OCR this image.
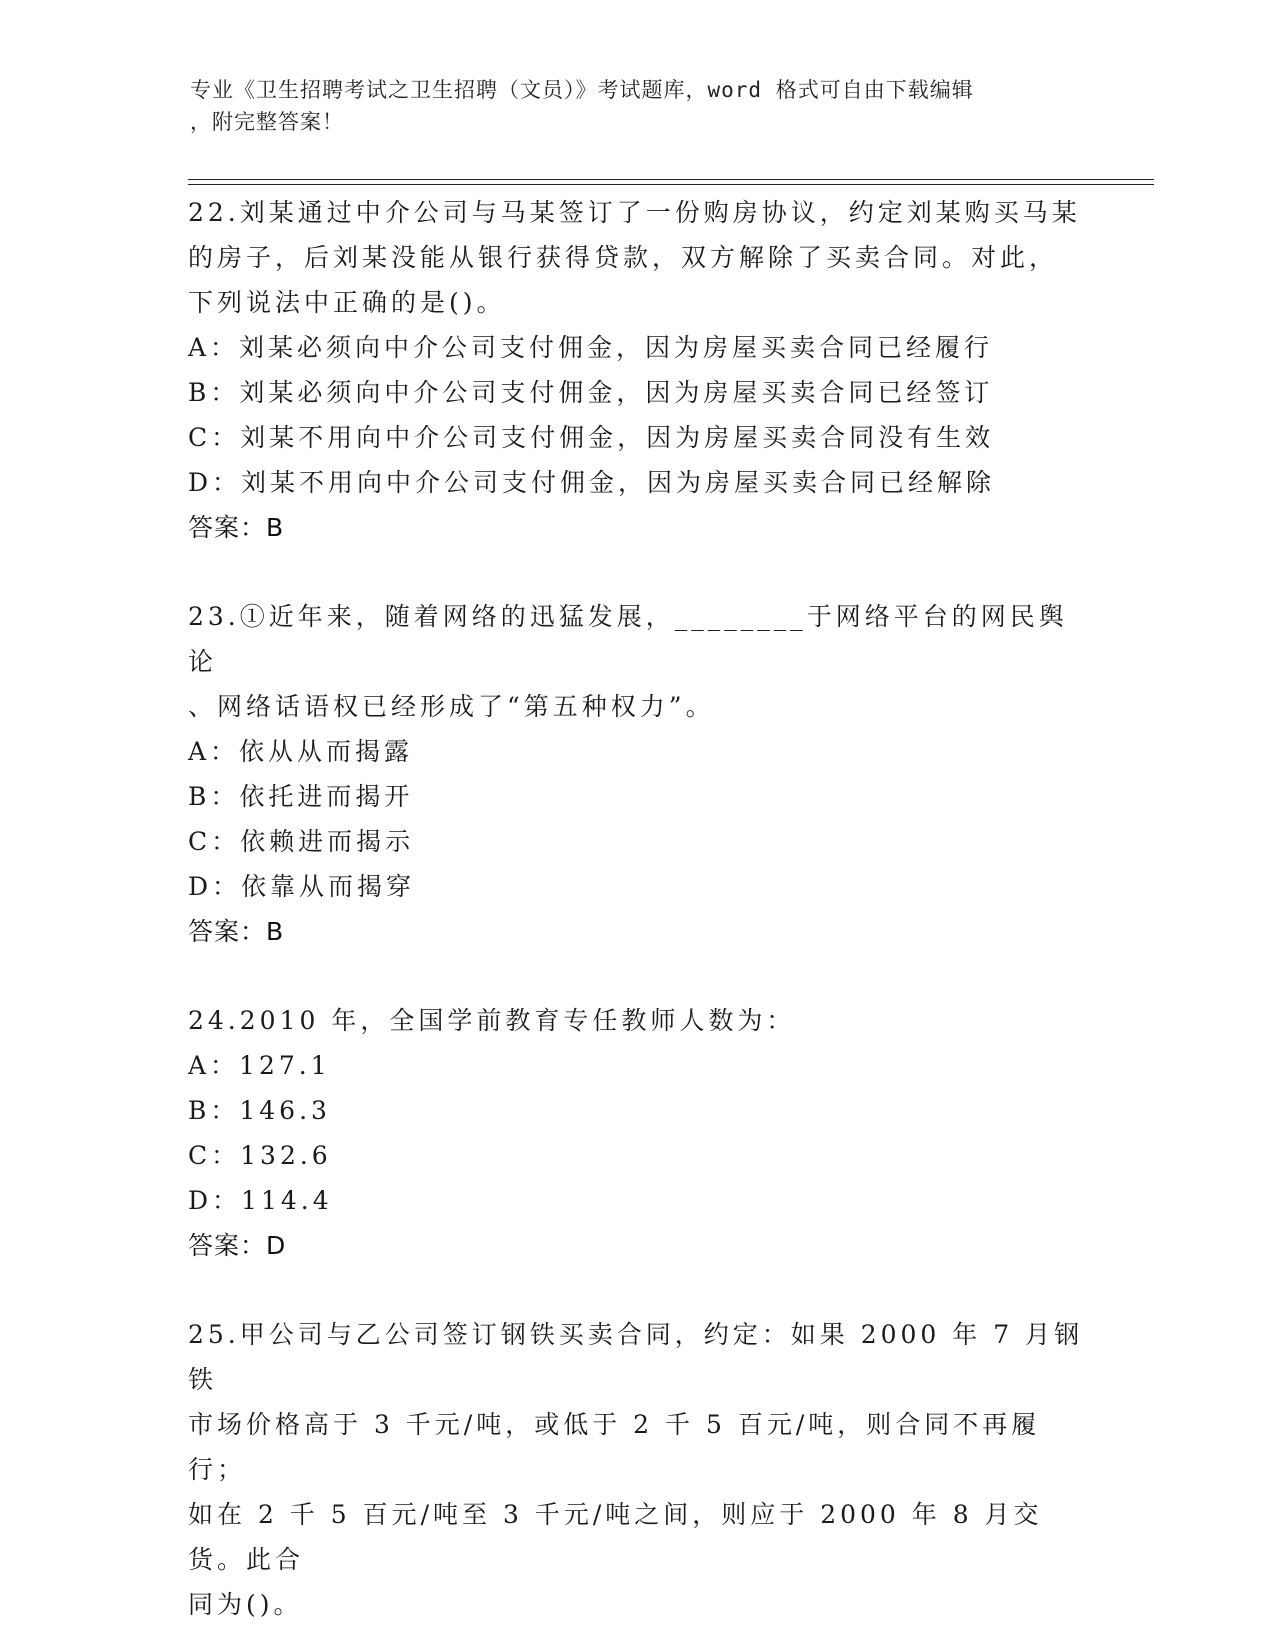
专业《卫生招聘考试之卫生招聘（文员）》考试题库，word 格式可自由下载编辑
，附完整答案！
22.刘某通过中介公司与马某签订了一份购房协议，约定刘某购买马某
的房子，后刘某没能从银行获得贷款，双方解除了买卖合同。对此，
下列说法中正确的是()。
A：刘某必须向中介公司支付佣金，因为房屋买卖合同已经履行
B：刘某必须向中介公司支付佣金，因为房屋买卖合同已经签订
C：刘某不用向中介公司支付佣金，因为房屋买卖合同没有生效
D：刘某不用向中介公司支付佣金，因为房屋买卖合同已经解除
答案：B
23.①近年来，随着网络的迅猛发展，________于网络平台的网民舆论
、网络话语权已经形成了“第五种权力”。
A：依从从而揭露
B：依托进而揭开
C：依赖进而揭示
D：依靠从而揭穿
答案：B
24.2010 年，全国学前教育专任教师人数为：
A：127.1
B：146.3
C：132.6
D：114.4
答案：D
25.甲公司与乙公司签订钢铁买卖合同，约定：如果 2000 年 7 月钢铁
市场价格高于 3 千元/吨，或低于 2 千 5 百元/吨，则合同不再履行；
如在 2 千 5 百元/吨至 3 千元/吨之间，则应于 2000 年 8 月交货。此合
同为()。
